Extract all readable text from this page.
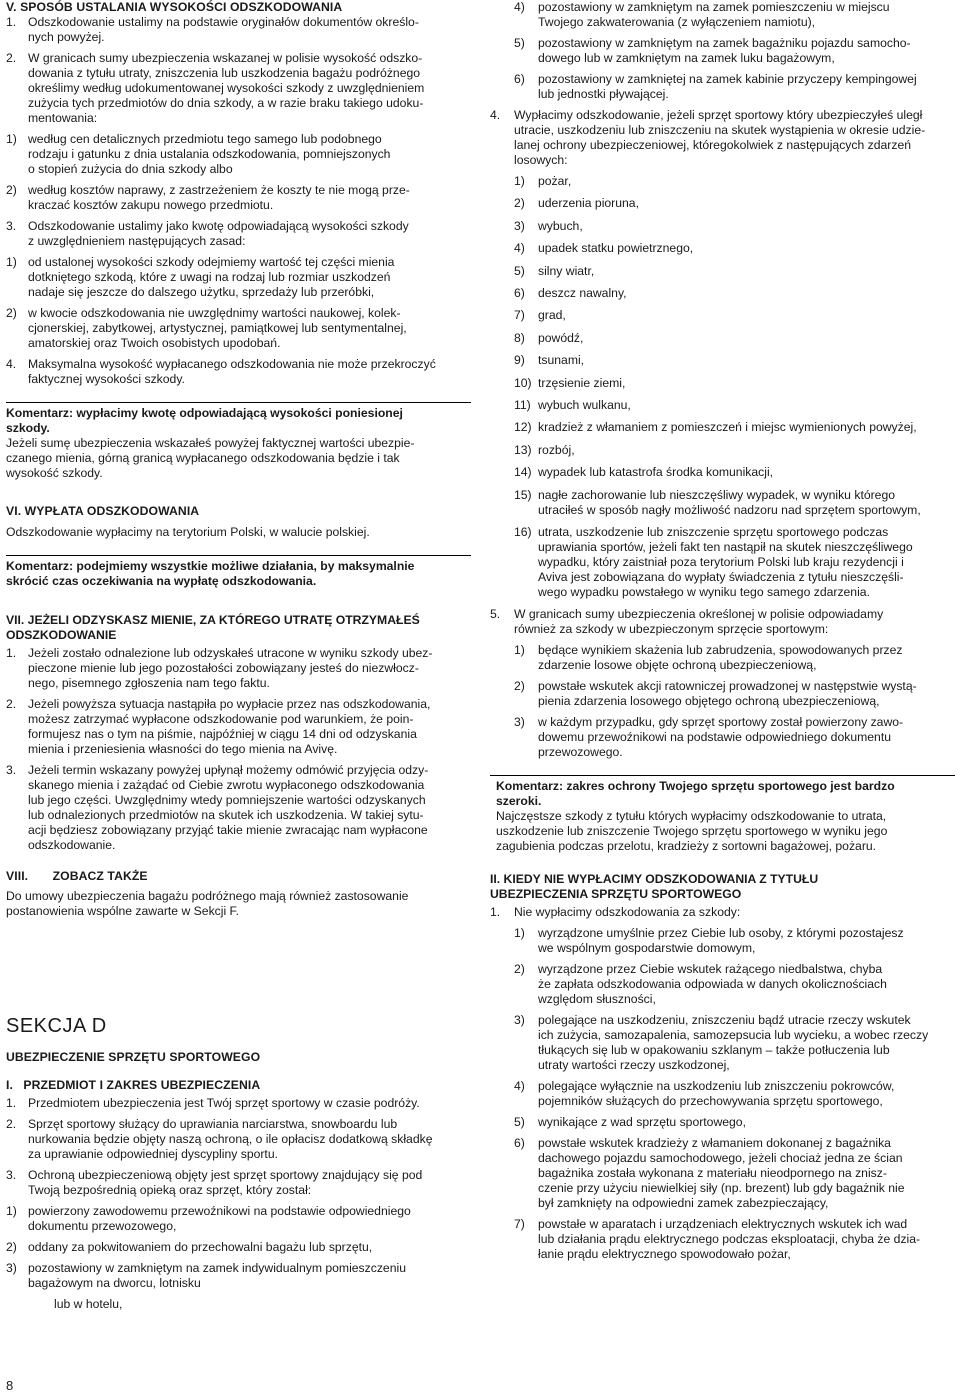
V. SPOSÓB USTALANIA WYSOKOŚCI ODSZKODOWANIA
1. Odszkodowanie ustalimy na podstawie oryginałów dokumentów określo-
nych powyżej.
2. W granicach sumy ubezpieczenia wskazanej w polisie wysokość odszko-
dowania z tytułu utraty, zniszczenia lub uszkodzenia bagażu podróżnego
określimy według udokumentowanej wysokości szkody z uwzględnieniem
zużycia tych przedmiotów do dnia szkody, a w razie braku takiego udoku-
mentowania:
1) według cen detalicznych przedmiotu tego samego lub podobnego
rodzaju i gatunku z dnia ustalania odszkodowania, pomniejszonych
o stopień zużycia do dnia szkody albo
2) według kosztów naprawy, z zastrzeżeniem że koszty te nie mogą prze-
kraczać kosztów zakupu nowego przedmiotu.
3. Odszkodowanie ustalimy jako kwotę odpowiadającą wysokości szkody
z uwzględnieniem następujących zasad:
1) od ustalonej wysokości szkody odejmiemy wartość tej części mienia
dotkniętego szkodą, które z uwagi na rodzaj lub rozmiar uszkodzeń
nadaje się jeszcze do dalszego użytku, sprzedaży lub przeróbki,
2) w kwocie odszkodowania nie uwzględnimy wartości naukowej, kolek-
cjonerskiej, zabytkowej, artystycznej, pamiątkowej lub sentymentalnej,
amatorskiej oraz Twoich osobistych upodobań.
4. Maksymalna wysokość wypłacanego odszkodowania nie może przekroczyć
faktycznej wysokości szkody.
Komentarz: wypłacimy kwotę odpowiadającą wysokości poniesionej
szkody.
Jeżeli sumę ubezpieczenia wskazałeś powyżej faktycznej wartości ubezpie-
czanego mienia, górną granicą wypłacanego odszkodowania będzie i tak
wysokość szkody.
VI. WYPŁATA ODSZKODOWANIA
Odszkodowanie wypłacimy na terytorium Polski, w walucie polskiej.
Komentarz: podejmiemy wszystkie możliwe działania, by maksymalnie
skrócić czas oczekiwania na wypłatę odszkodowania.
VII. JEŻELI ODZYSKASZ MIENIE, ZA KTÓREGO UTRATĘ OTRZYMAŁEŚ
ODSZKODOWANIE
1. Jeżeli zostało odnalezione lub odzyskałeś utracone w wyniku szkody ubez-
pieczone mienie lub jego pozostałości zobowiązany jesteś do niezwłocz-
nego, pisemnego zgłoszenia nam tego faktu.
2. Jeżeli powyższa sytuacja nastąpiła po wypłacie przez nas odszkodowania,
możesz zatrzymać wypłacone odszkodowanie pod warunkiem, że poin-
formujesz nas o tym na piśmie, najpóźniej w ciągu 14 dni od odzyskania
mienia i przeniesienia własności do tego mienia na Avivę.
3. Jeżeli termin wskazany powyżej upłynął możemy odmówić przyjęcia odzy-
skanego mienia i zażądać od Ciebie zwrotu wypłaconego odszkodowania
lub jego części. Uwzględnimy wtedy pomniejszenie wartości odzyskanych
lub odnalezionych przedmiotów na skutek ich uszkodzenia. W takiej sytu-
acji będziesz zobowiązany przyjąć takie mienie zwracając nam wypłacone
odszkodowanie.
VIII.       ZOBACZ TAKŻE
Do umowy ubezpieczenia bagażu podróżnego mają również zastosowanie
postanowienia wspólne zawarte w Sekcji F.
UBEZPIECZENIE SPRZĘTU SPORTOWEGO
I.   PRZEDMIOT I ZAKRES UBEZPIECZENIA
1. Przedmiotem ubezpieczenia jest Twój sprzęt sportowy w czasie podróży.
2. Sprzęt sportowy służący do uprawiania narciarstwa, snowboardu lub
nurkowania będzie objęty naszą ochroną, o ile opłacisz dodatkową składkę
za uprawianie odpowiedniej dyscypliny sportu.
3. Ochroną ubezpieczeniową objęty jest sprzęt sportowy znajdujący się pod
Twoją bezpośrednią opieką oraz sprzęt, który został:
1) powierzony zawodowemu przewoźnikowi na podstawie odpowiedniego
dokumentu przewozowego,
2) oddany za pokwitowaniem do przechowalni bagażu lub sprzętu,
3) pozostawiony w zamkniętym na zamek indywidualnym pomieszczeniu
bagażowym na dworcu, lotnisku
lub w hotelu,
4) pozostawiony w zamkniętym na zamek pomieszczeniu w miejscu
Twojego zakwaterowania (z wyłączeniem namiotu),
5) pozostawiony w zamkniętym na zamek bagażniku pojazdu samocho-
dowego lub w zamkniętym na zamek luku bagażowym,
6) pozostawiony w zamkniętej na zamek kabinie przyczepy kempingowej
lub jednostki pływającej.
4. Wypłacimy odszkodowanie, jeżeli sprzęt sportowy który ubezpieczyłeś uległ
utracie, uszkodzeniu lub zniszczeniu na skutek wystąpienia w okresie udzie-
lanej ochrony ubezpieczeniowej, któregokolwiek z następujących zdarzeń
losowych:
1) pożar,
2) uderzenia pioruna,
3) wybuch,
4) upadek statku powietrznego,
5) silny wiatr,
6) deszcz nawalny,
7) grad,
8) powódź,
9) tsunami,
10) trzęsienie ziemi,
11) wybuch wulkanu,
12) kradzież z włamaniem z pomieszczeń i miejsc wymienionych powyżej,
13) rozbój,
14) wypadek lub katastrofa środka komunikacji,
15) nagłe zachorowanie lub nieszczęśliwy wypadek, w wyniku którego
utraciłeś w sposób nagły możliwość nadzoru nad sprzętem sportowym,
16) utrata, uszkodzenie lub zniszczenie sprzętu sportowego podczas
uprawiania sportów, jeżeli fakt ten nastąpił na skutek nieszczęśliwego
wypadku, który zaistniał poza terytorium Polski lub kraju rezydencji i
Aviva jest zobowiązana do wypłaty świadczenia z tytułu nieszczęśli-
wego wypadku powstałego w wyniku tego samego zdarzenia.
5. W granicach sumy ubezpieczenia określonej w polisie odpowiadamy
również za szkody w ubezpieczonym sprzęcie sportowym:
1) będące wynikiem skażenia lub zabrudzenia, spowodowanych przez
zdarzenie losowe objęte ochroną ubezpieczeniową,
2) powstałe wskutek akcji ratowniczej prowadzonej w następstwie wystą-
pienia zdarzenia losowego objętego ochroną ubezpieczeniową,
3) w każdym przypadku, gdy sprzęt sportowy został powierzony zawo-
dowemu przewoźnikowi na podstawie odpowiedniego dokumentu
przewozowego.
Komentarz: zakres ochrony Twojego sprzętu sportowego jest bardzo
szeroki.
Najczęstsze szkody z tytułu których wypłacimy odszkodowanie to utrata,
uszkodzenie lub zniszczenie Twojego sprzętu sportowego w wyniku jego
zagubienia podczas przelotu, kradzieży z sortowni bagażowej, pożaru.
II. KIEDY NIE WYPŁACIMY ODSZKODOWANIA Z TYTUŁU
UBEZPIECZENIA SPRZĘTU SPORTOWEGO
1. Nie wypłacimy odszkodowania za szkody:
1) wyrządzone umyślnie przez Ciebie lub osoby, z którymi pozostajesz
we wspólnym gospodarstwie domowym,
2) wyrządzone przez Ciebie wskutek rażącego niedbalstwa, chyba
że zapłata odszkodowania odpowiada w danych okolicznościach
względom słuszności,
3) polegające na uszkodzeniu, zniszczeniu bądź utracie rzeczy wskutek
ich zużycia, samozapalenia, samozepsucia lub wycieku, a wobec rzeczy
tłukących się lub w opakowaniu szklanym – także potłuczenia lub
utraty wartości rzeczy uszkodzonej,
4) polegające wyłącznie na uszkodzeniu lub zniszczeniu pokrowców,
pojemników służących do przechowywania sprzętu sportowego,
5) wynikające z wad sprzętu sportowego,
6) powstałe wskutek kradzieży z włamaniem dokonanej z bagażnika
dachowego pojazdu samochodowego, jeżeli chociaż jedna ze ścian
bagażnika została wykonana z materiału nieodpornego na znisz-
czenie przy użyciu niewielkiej siły (np. brezent) lub gdy bagażnik nie
był zamknięty na odpowiedni zamek zabezpieczający,
7) powstałe w aparatach i urządzeniach elektrycznych wskutek ich wad
lub działania prądu elektrycznego podczas eksploatacji, chyba że dzia-
łanie prądu elektrycznego spowodowało pożar,
SEKCJA D
8
